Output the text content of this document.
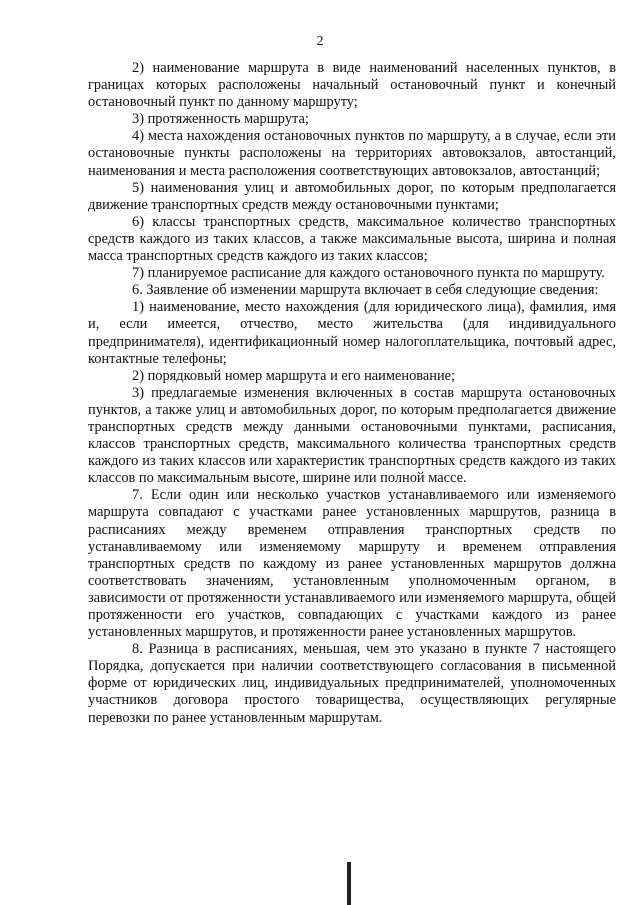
2

2) наименование маршрута в виде наименований населенных пунктов, в границах которых расположены начальный остановочный пункт и конечный остановочный пункт по данному маршруту;

3) протяженность маршрута;

4) места нахождения остановочных пунктов по маршруту, а в случае, если эти остановочные пункты расположены на территориях автовокзалов, автостанций, наименования и места расположения соответствующих автовокзалов, автостанций;

5) наименования улиц и автомобильных дорог, по которым предполагается движение транспортных средств между остановочными пунктами;

6) классы транспортных средств, максимальное количество транспортных средств каждого из таких классов, а также максимальные высота, ширина и полная масса транспортных средств каждого из таких классов;

7) планируемое расписание для каждого остановочного пункта по маршруту.

6. Заявление об изменении маршрута включает в себя следующие сведения:

1) наименование, место нахождения (для юридического лица), фамилия, имя и, если имеется, отчество, место жительства (для индивидуального предпринимателя), идентификационный номер налогоплательщика, почтовый адрес, контактные телефоны;

2) порядковый номер маршрута и его наименование;

3) предлагаемые изменения включенных в состав маршрута остановочных пунктов, а также улиц и автомобильных дорог, по которым предполагается движение транспортных средств между данными остановочными пунктами, расписания, классов транспортных средств, максимального количества транспортных средств каждого из таких классов или характеристик транспортных средств каждого из таких классов по максимальным высоте, ширине или полной массе.

7. Если один или несколько участков устанавливаемого или изменяемого маршрута совпадают с участками ранее установленных маршрутов, разница в расписаниях между временем отправления транспортных средств по устанавливаемому или изменяемому маршруту и временем отправления транспортных средств по каждому из ранее установленных маршрутов должна соответствовать значениям, установленным уполномоченным органом, в зависимости от протяженности устанавливаемого или изменяемого маршрута, общей протяженности его участков, совпадающих с участками каждого из ранее установленных маршрутов, и протяженности ранее установленных маршрутов.

8. Разница в расписаниях, меньшая, чем это указано в пункте 7 настоящего Порядка, допускается при наличии соответствующего согласования в письменной форме от юридических лиц, индивидуальных предпринимателей, уполномоченных участников договора простого товарищества, осуществляющих регулярные перевозки по ранее установленным маршрутам.
